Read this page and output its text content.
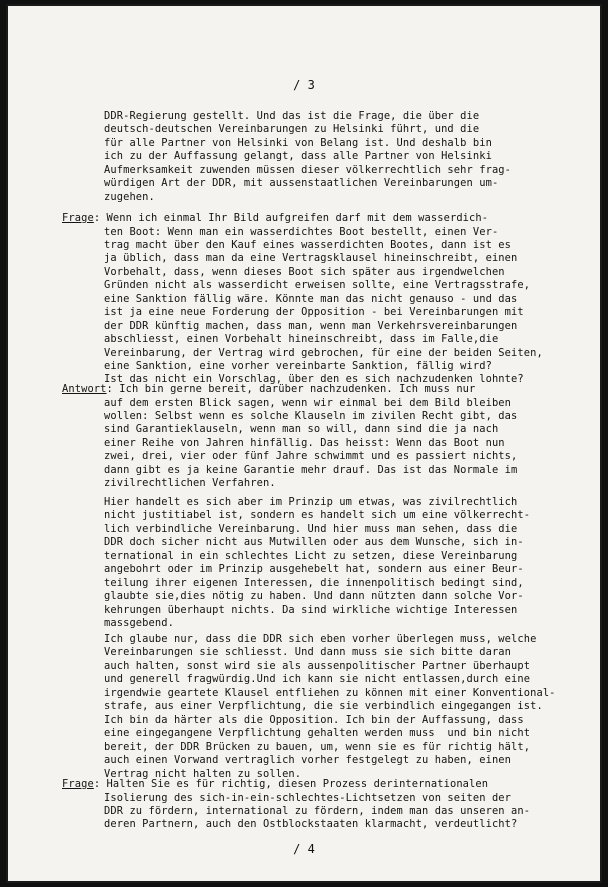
/ 3
DDR-Regierung gestellt. Und das ist die Frage, die über die
deutsch-deutschen Vereinbarungen zu Helsinki führt, und die
für alle Partner von Helsinki von Belang ist. Und deshalb bin
ich zu der Auffassung gelangt, dass alle Partner von Helsinki
Aufmerksamkeit zuwenden müssen dieser völkerrechtlich sehr frag-
würdigen Art der DDR, mit aussenstaatlichen Vereinbarungen um-
zugehen.
Frage: Wenn ich einmal Ihr Bild aufgreifen darf mit dem wasserdich-
ten Boot: Wenn man ein wasserdichtes Boot bestellt, einen Ver-
trag macht über den Kauf eines wasserdichten Bootes, dann ist es
ja üblich, dass man da eine Vertragsklausel hineinschreibt, einen
Vorbehalt, dass, wenn dieses Boot sich später aus irgendwelchen
Gründen nicht als wasserdicht erweisen sollte, eine Vertragsstrafe,
eine Sanktion fällig wäre. Könnte man das nicht genauso - und das
ist ja eine neue Forderung der Opposition - bei Vereinbarungen mit
der DDR künftig machen, dass man, wenn man Verkehrsvereinbarungen
abschliesst, einen Vorbehalt hineinschreibt, dass im Falle,die
Vereinbarung, der Vertrag wird gebrochen, für eine der beiden Seiten,
eine Sanktion, eine vorher vereinbarte Sanktion, fällig wird?
Ist das nicht ein Vorschlag, über den es sich nachzudenken lohnte?
Antwort: Ich bin gerne bereit, darüber nachzudenken. Ich muss nur
auf dem ersten Blick sagen, wenn wir einmal bei dem Bild bleiben
wollen: Selbst wenn es solche Klauseln im zivilen Recht gibt, das
sind Garantieklauseln, wenn man so will, dann sind die ja nach
einer Reihe von Jahren hinfällig. Das heisst: Wenn das Boot nun
zwei, drei, vier oder fünf Jahre schwimmt und es passiert nichts,
dann gibt es ja keine Garantie mehr drauf. Das ist das Normale im
zivilrechtlichen Verfahren.
Hier handelt es sich aber im Prinzip um etwas, was zivilrechtlich
nicht justitiabel ist, sondern es handelt sich um eine völkerrecht-
lich verbindliche Vereinbarung. Und hier muss man sehen, dass die
DDR doch sicher nicht aus Mutwillen oder aus dem Wunsche, sich in-
ternational in ein schlechtes Licht zu setzen, diese Vereinbarung
angebohrt oder im Prinzip ausgehebelt hat, sondern aus einer Beur-
teilung ihrer eigenen Interessen, die innenpolitisch bedingt sind,
glaubte sie,dies nötig zu haben. Und dann nützten dann solche Vor-
kehrungen überhaupt nichts. Da sind wirkliche wichtige Interessen
massgebend.
Ich glaube nur, dass die DDR sich eben vorher überlegen muss, welche
Vereinbarungen sie schliesst. Und dann muss sie sich bitte daran
auch halten, sonst wird sie als aussenpolitischer Partner überhaupt
und generell fragwürdig.Und ich kann sie nicht entlassen,durch eine
irgendwie geartete Klausel entfliehen zu können mit einer Konventional-
strafe, aus einer Verpflichtung, die sie verbindlich eingegangen ist.
Ich bin da härter als die Opposition. Ich bin der Auffassung, dass
eine eingegangene Verpflichtung gehalten werden muss  und bin nicht
bereit, der DDR Brücken zu bauen, um, wenn sie es für richtig hält,
auch einen Vorwand vertraglich vorher festgelegt zu haben, einen
Vertrag nicht halten zu sollen.
Frage: Halten Sie es für richtig, diesen Prozess derinternationalen
Isolierung des sich-in-ein-schlechtes-Lichtsetzen von seiten der
DDR zu fördern, international zu fördern, indem man das unseren an-
deren Partnern, auch den Ostblockstaaten klarmacht, verdeutlicht?
/ 4
